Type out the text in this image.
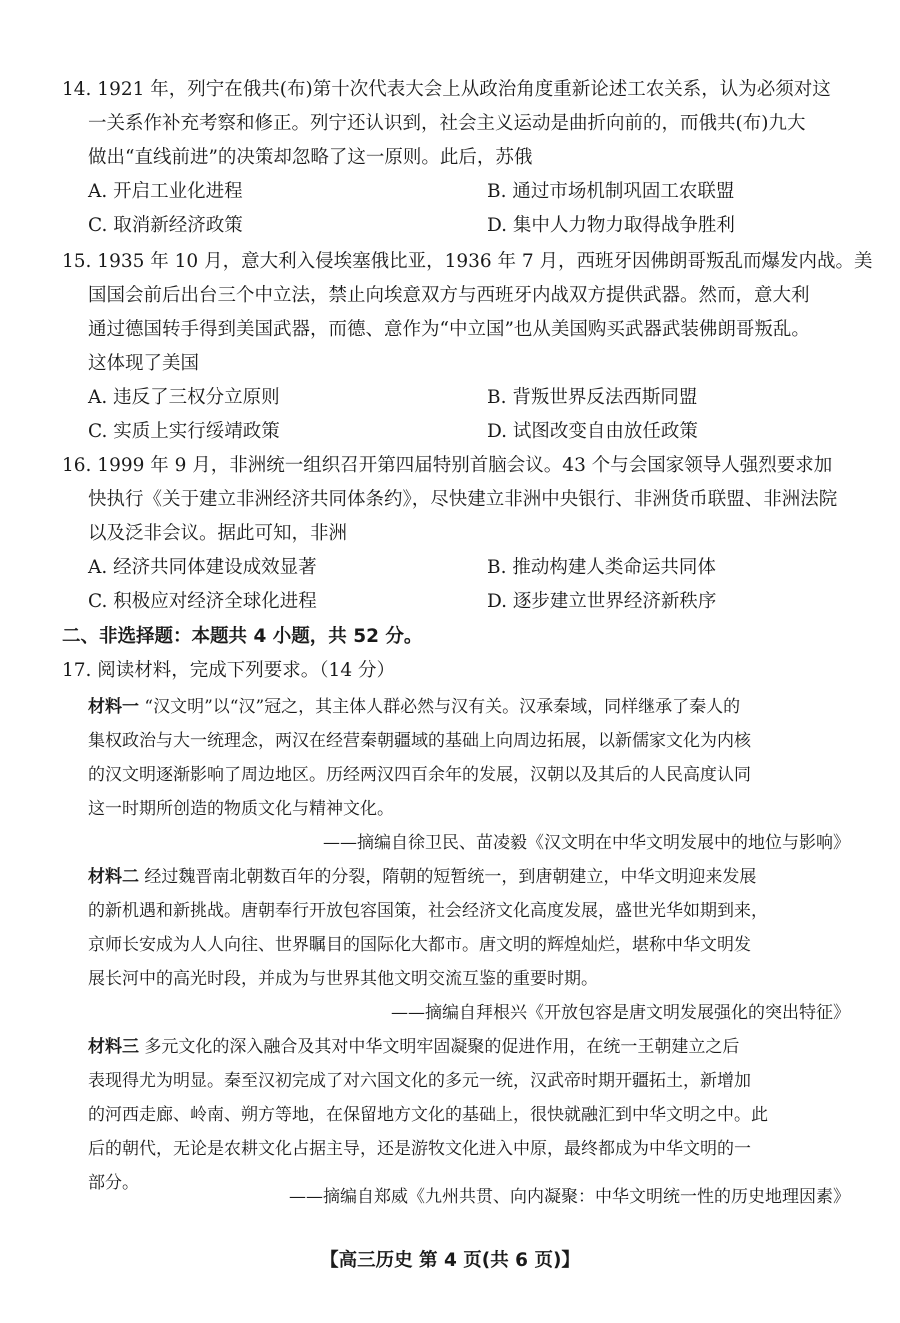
14. 1921 年，列宁在俄共(布)第十次代表大会上从政治角度重新论述工农关系，认为必须对这
一关系作补充考察和修正。列宁还认识到，社会主义运动是曲折向前的，而俄共(布)九大
做出“直线前进”的决策却忽略了这一原则。此后，苏俄
A. 开启工业化进程	B. 通过市场机制巩固工农联盟
C. 取消新经济政策	D. 集中人力物力取得战争胜利
15. 1935 年 10 月，意大利入侵埃塞俄比亚，1936 年 7 月，西班牙因佛朗哥叛乱而爆发内战。美
国国会前后出台三个中立法，禁止向埃意双方与西班牙内战双方提供武器。然而，意大利
通过德国转手得到美国武器，而德、意作为“中立国”也从美国购买武器武装佛朗哥叛乱。
这体现了美国
A. 违反了三权分立原则	B. 背叛世界反法西斯同盟
C. 实质上实行绥靖政策	D. 试图改变自由放任政策
16. 1999 年 9 月，非洲统一组织召开第四届特别首脑会议。43 个与会国家领导人强烈要求加
快执行《关于建立非洲经济共同体条约》，尽快建立非洲中央银行、非洲货币联盟、非洲法院
以及泛非会议。据此可知，非洲
A. 经济共同体建设成效显著	B. 推动构建人类命运共同体
C. 积极应对经济全球化进程	D. 逐步建立世界经济新秩序
二、非选择题：本题共 4 小题，共 52 分。
17. 阅读材料，完成下列要求。（14 分）
材料一 “汉文明”以“汉”冠之，其主体人群必然与汉有关。汉承秦域，同样继承了秦人的
集权政治与大一统理念，两汉在经营秦朝疆域的基础上向周边拓展，以新儒家文化为内核
的汉文明逐渐影响了周边地区。历经两汉四百余年的发展，汉朝以及其后的人民高度认同
这一时期所创造的物质文化与精神文化。
——摘编自徐卫民、苗凌毅《汉文明在中华文明发展中的地位与影响》
材料二 经过魏晋南北朝数百年的分裂，隋朝的短暂统一，到唐朝建立，中华文明迎来发展
的新机遇和新挑战。唐朝奉行开放包容国策，社会经济文化高度发展，盛世光华如期到来，
京师长安成为人人向往、世界瞩目的国际化大都市。唐文明的辉煌灿烂，堪称中华文明发
展长河中的高光时段，并成为与世界其他文明交流互鉴的重要时期。
——摘编自拜根兴《开放包容是唐文明发展强化的突出特征》
材料三 多元文化的深入融合及其对中华文明牢固凝聚的促进作用，在统一王朝建立之后
表现得尤为明显。秦至汉初完成了对六国文化的多元一统，汉武帝时期开疆拓土，新增加
的河西走廊、岭南、朔方等地，在保留地方文化的基础上，很快就融汇到中华文明之中。此
后的朝代，无论是农耕文化占据主导，还是游牧文化进入中原，最终都成为中华文明的一
部分。
——摘编自郑威《九州共贯、向内凝聚：中华文明统一性的历史地理因素》
【高三历史 第 4 页(共 6 页)】
